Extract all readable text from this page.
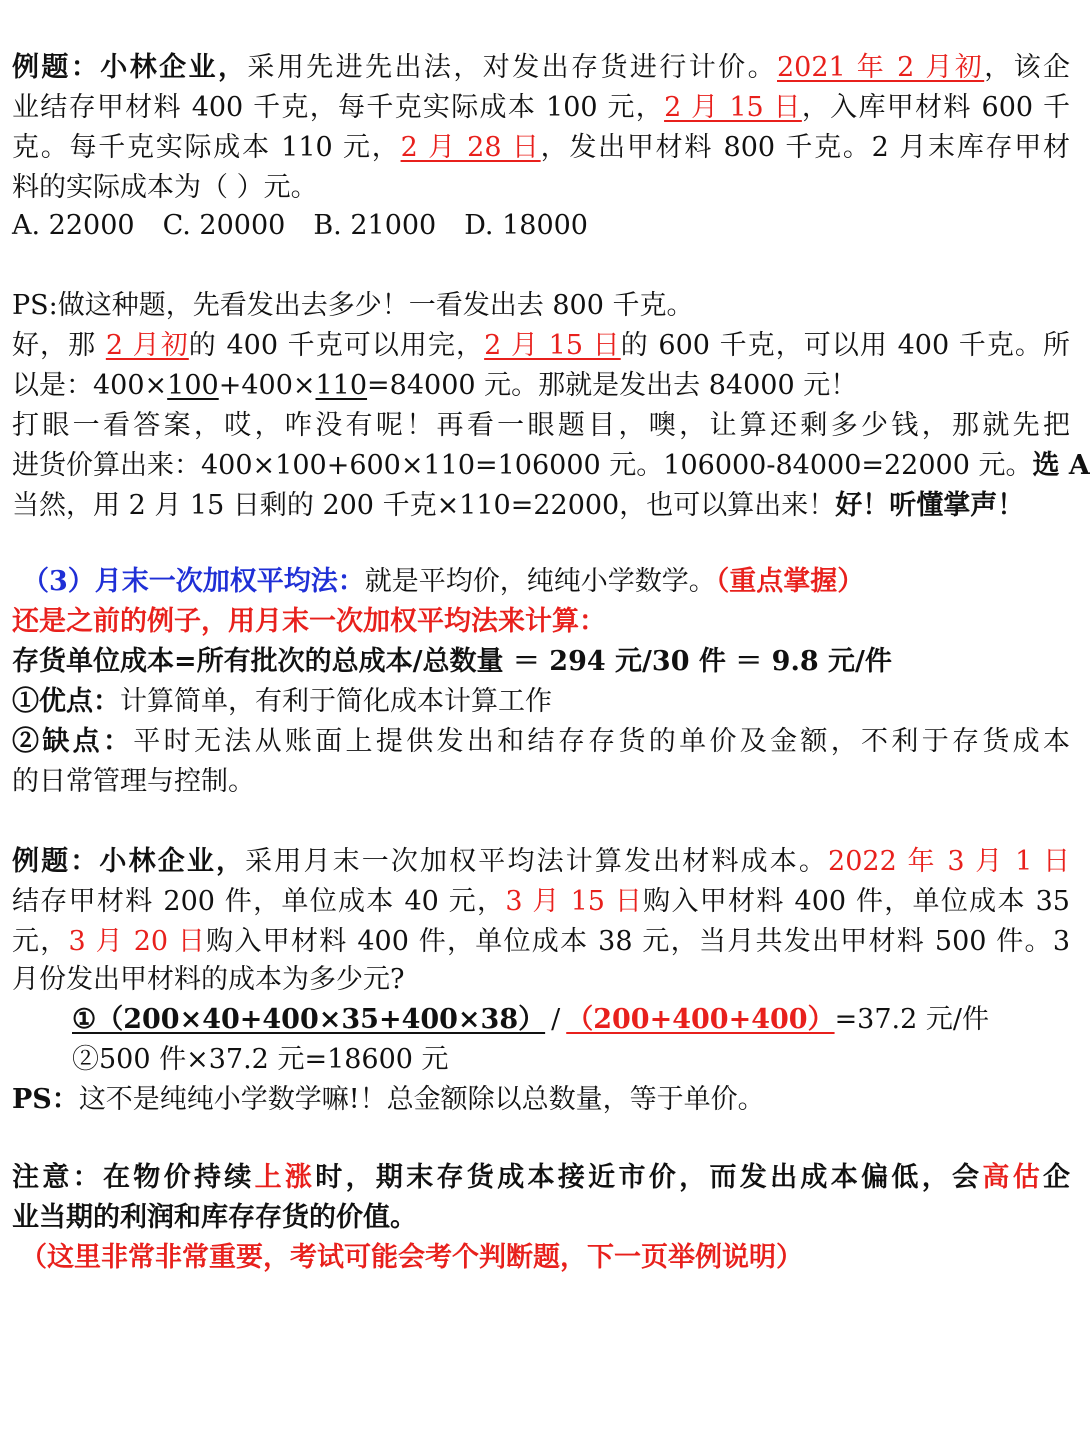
例题：小林企业，采用先进先出法，对发出存货进行计价。2021 年 2 月初，该企
业结存甲材料 400 千克，每千克实际成本 100 元，2 月 15 日，入库甲材料 600 千
克。每千克实际成本 110 元，2 月 28 日，发出甲材料 800 千克。2 月末库存甲材
料的实际成本为（ ）元。
A. 22000 C. 20000 B. 21000 D. 18000
PS:做这种题，先看发出去多少！一看发出去 800 千克。
好，那 2 月初的 400 千克可以用完，2 月 15 日的 600 千克，可以用 400 千克。所
以是：400×100+400×110=84000 元。那就是发出去 84000 元！
打眼一看答案，哎，咋没有呢！再看一眼题目，噢，让算还剩多少钱，那就先把
进货价算出来：400×100+600×110=106000 元。106000-84000=22000 元。选 A
当然，用 2 月 15 日剩的 200 千克×110=22000，也可以算出来！好！听懂掌声！
（3）月末一次加权平均法：就是平均价，纯纯小学数学。（重点掌握）
还是之前的例子，用月末一次加权平均法来计算：
存货单位成本=所有批次的总成本/总数量 ＝ 294 元/30 件 ＝ 9.8 元/件
①优点：计算简单，有利于简化成本计算工作
②缺点：平时无法从账面上提供发出和结存存货的单价及金额，不利于存货成本
的日常管理与控制。
例题：小林企业，采用月末一次加权平均法计算发出材料成本。2022 年 3 月 1 日
结存甲材料 200 件，单位成本 40 元，3 月 15 日购入甲材料 400 件，单位成本 35
元，3 月 20 日购入甲材料 400 件，单位成本 38 元，当月共发出甲材料 500 件。3
月份发出甲材料的成本为多少元?
①（200×40+400×35+400×38） / （200+400+400）=37.2 元/件
②500 件×37.2 元=18600 元
PS：这不是纯纯小学数学嘛!！总金额除以总数量，等于单价。
注意：在物价持续上涨时，期末存货成本接近市价，而发出成本偏低，会高估企
业当期的利润和库存存货的价值。
（这里非常非常重要，考试可能会考个判断题，下一页举例说明）
